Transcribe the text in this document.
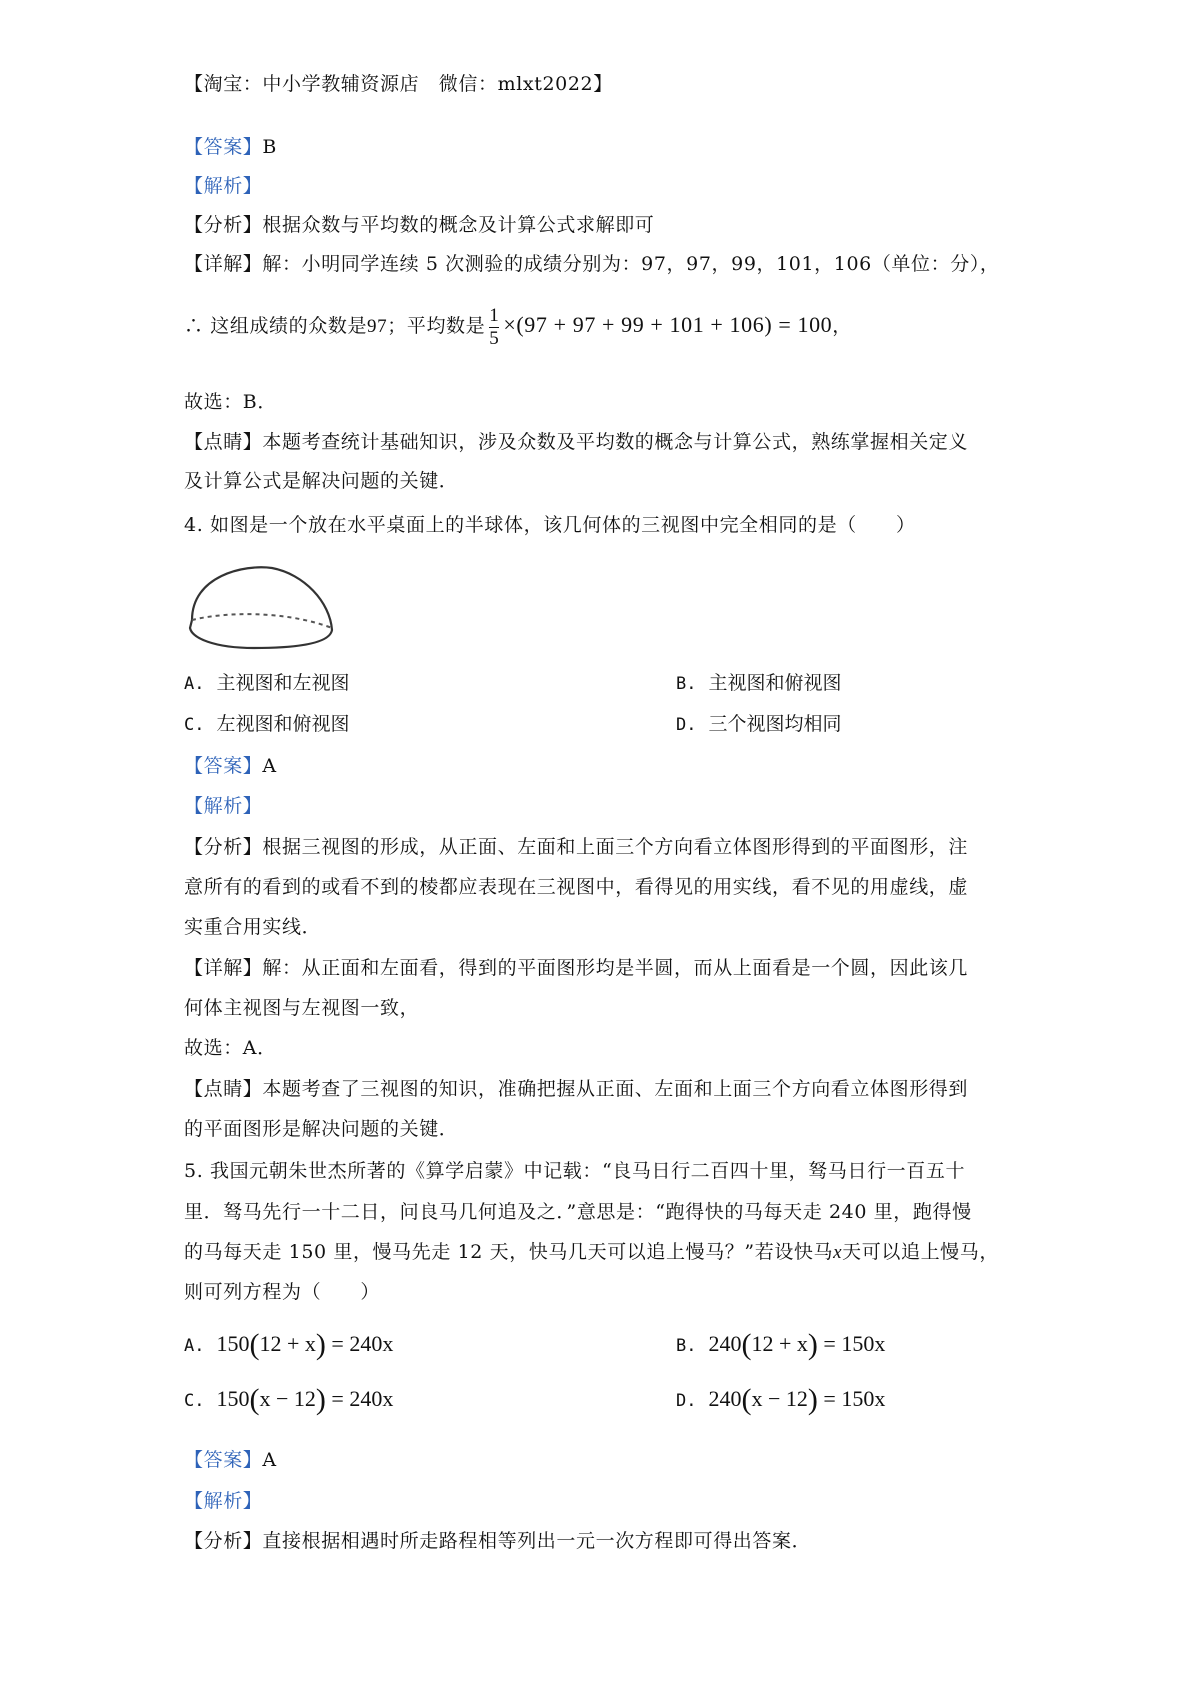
【淘宝：中小学教辅资源店　微信：mlxt2022】
【答案】B
【解析】
【分析】根据众数与平均数的概念及计算公式求解即可
【详解】解：小明同学连续 5 次测验的成绩分别为：97，97，99，101，106（单位：分），
∴ 这组成绩的众数是97；平均数是 $\frac{1}{5} \times(97 + 97 + 99 + 101 + 106) = 100$，
故选：B．
【点睛】本题考查统计基础知识，涉及众数及平均数的概念与计算公式，熟练掌握相关定义
及计算公式是解决问题的关键．
4. 如图是一个放在水平桌面上的半球体，该几何体的三视图中完全相同的是（　　）
A. 主视图和左视图	B. 主视图和俯视图
C. 左视图和俯视图	D. 三个视图均相同
【答案】A
【解析】
【分析】根据三视图的形成，从正面、左面和上面三个方向看立体图形得到的平面图形，注
意所有的看到的或看不到的棱都应表现在三视图中，看得见的用实线，看不见的用虚线，虚
实重合用实线．
【详解】解：从正面和左面看，得到的平面图形均是半圆，而从上面看是一个圆，因此该几
何体主视图与左视图一致，
故选：A．
【点睛】本题考查了三视图的知识，准确把握从正面、左面和上面三个方向看立体图形得到
的平面图形是解决问题的关键．
5. 我国元朝朱世杰所著的《算学启蒙》中记载：“良马日行二百四十里，驽马日行一百五十
里．驽马先行一十二日，问良马几何追及之．”意思是：“跑得快的马每天走 240 里，跑得慢
的马每天走 150 里，慢马先走 12 天，快马几天可以追上慢马？”若设快马x天可以追上慢马，
则可列方程为（　　）
A. 150(12 + x) = 240x	B. 240(12 + x) = 150x
C. 150(x − 12) = 240x	D. 240(x − 12) = 150x
【答案】A
【解析】
【分析】直接根据相遇时所走路程相等列出一元一次方程即可得出答案．
